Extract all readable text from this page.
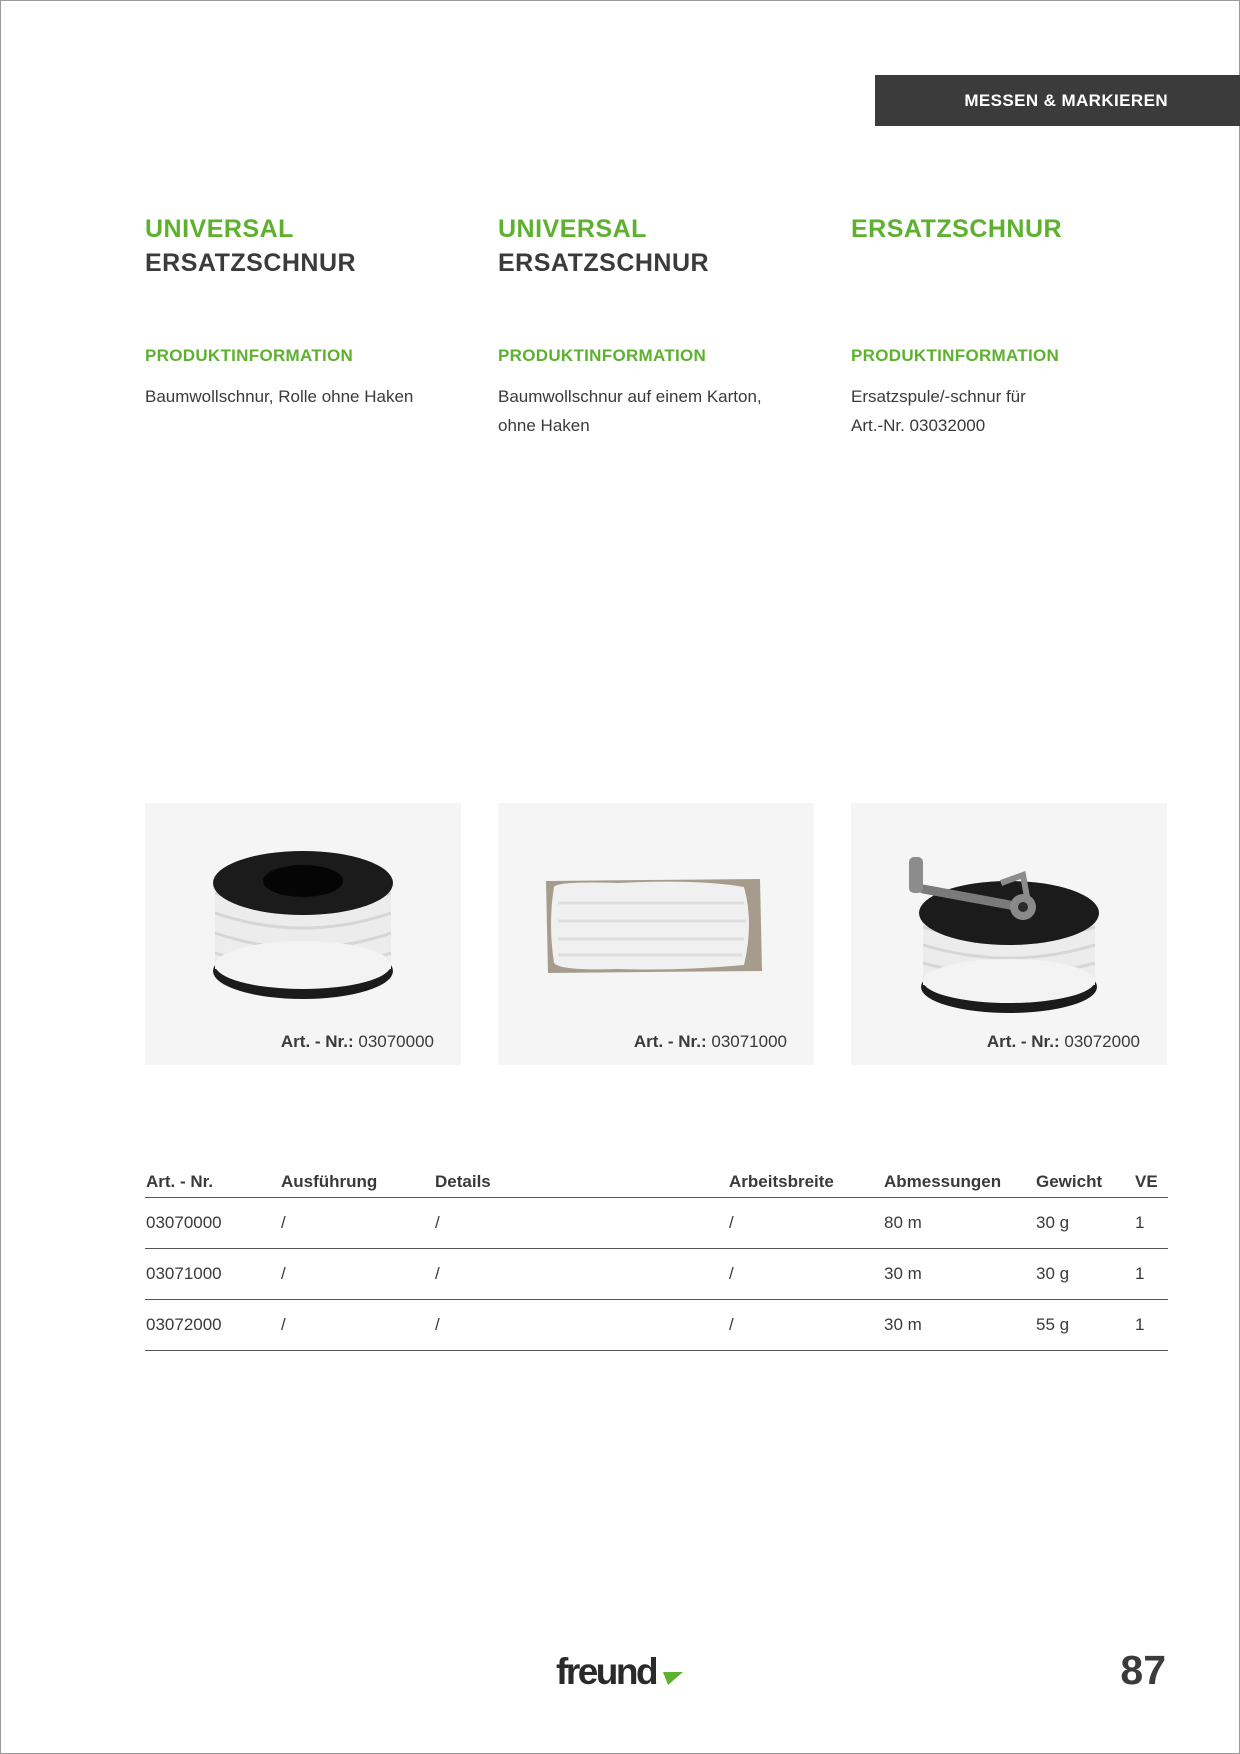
MESSEN & MARKIEREN
UNIVERSAL
ERSATZSCHNUR
PRODUKTINFORMATION
Baumwollschnur, Rolle ohne Haken
UNIVERSAL
ERSATZSCHNUR
PRODUKTINFORMATION
Baumwollschnur auf einem Karton,
ohne Haken
ERSATZSCHNUR
PRODUKTINFORMATION
Ersatzspule/-schnur für
Art.-Nr. 03032000
Art. - Nr.: 03070000	Art. - Nr.: 03071000	Art. - Nr.: 03072000
Art. - Nr.	Ausführung	Details	Arbeitsbreite	Abmessungen	Gewicht	VE
03070000	/	/	/	80 m	30 g	1
03071000	/	/	/	30 m	30 g	1
03072000	/	/	/	30 m	55 g	1
freund	87
